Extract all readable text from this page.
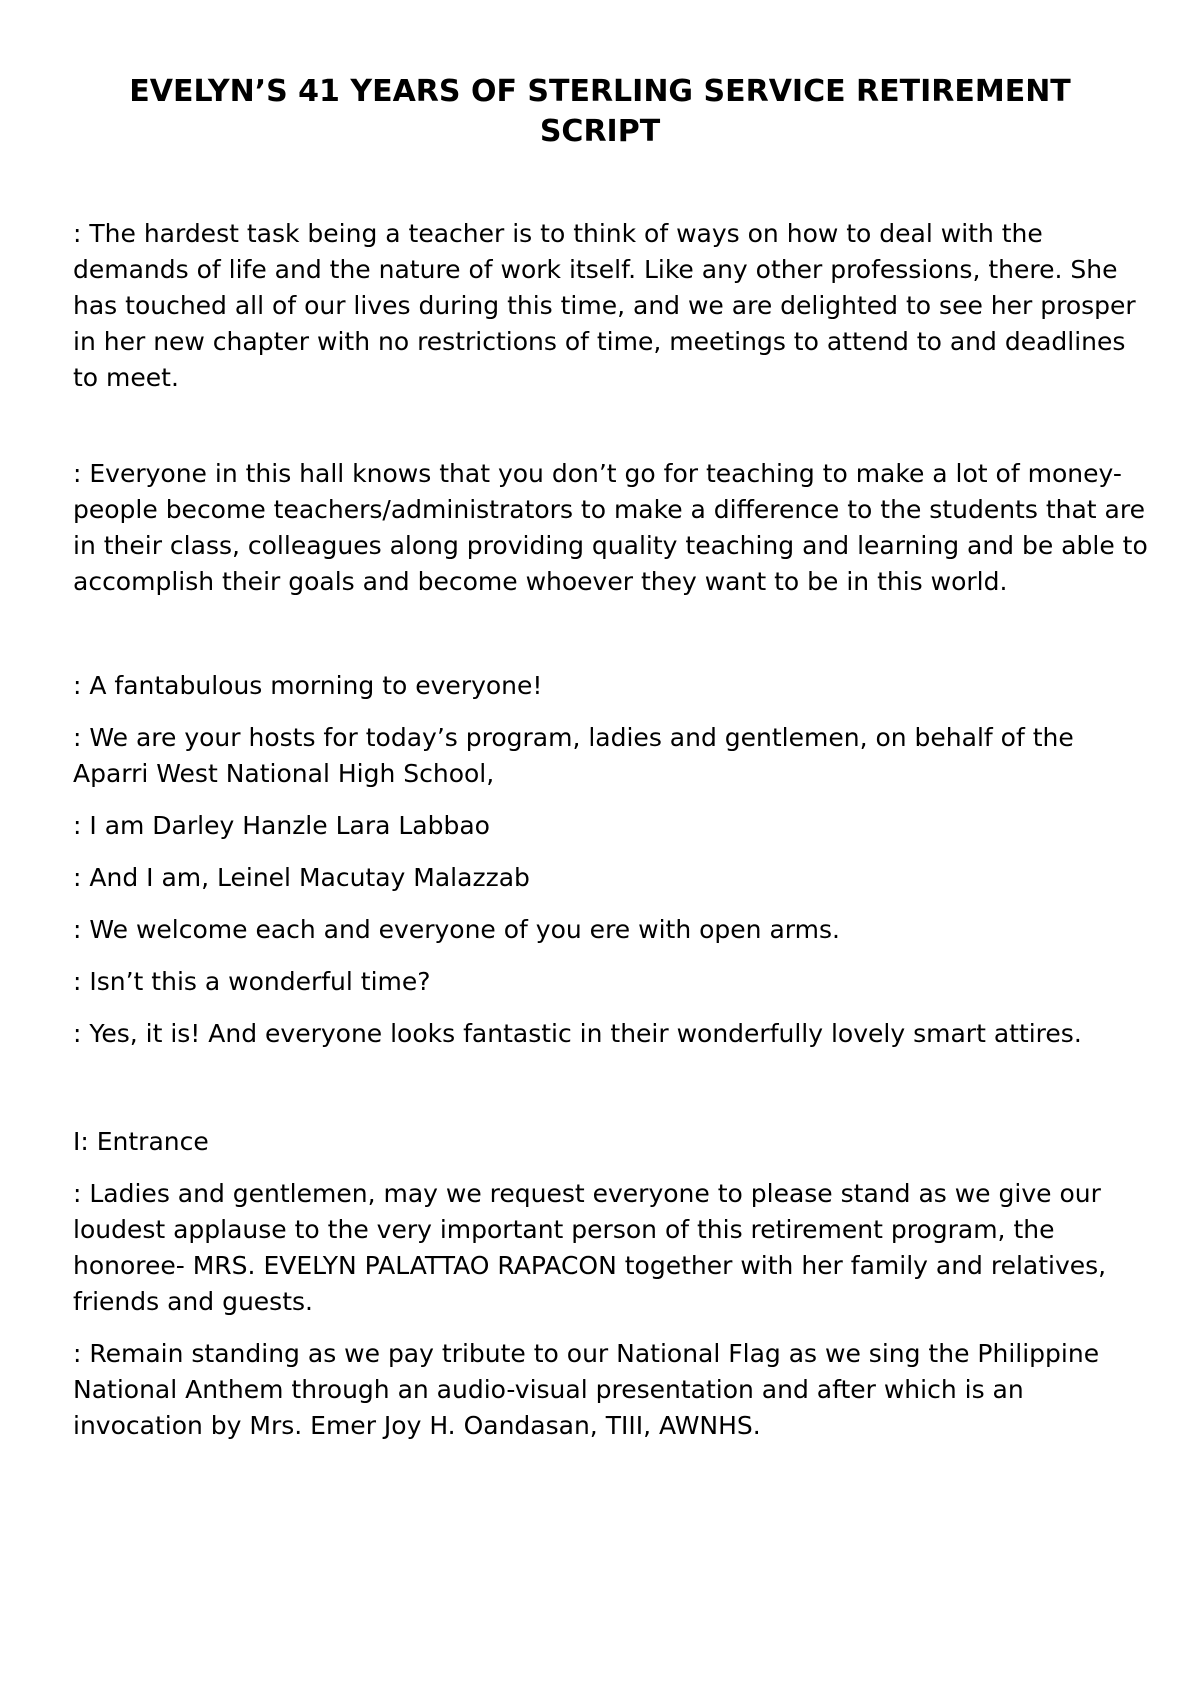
EVELYN’S 41 YEARS OF STERLING SERVICE RETIREMENT
SCRIPT

: The hardest task being a teacher is to think of ways on how to deal with the demands of life and the nature of work itself. Like any other professions, there. She has touched all of our lives during this time, and we are delighted to see her prosper in her new chapter with no restrictions of time, meetings to attend to and deadlines to meet.

: Everyone in this hall knows that you don’t go for teaching to make a lot of money- people become teachers/administrators to make a difference to the students that are in their class, colleagues along providing quality teaching and learning and be able to accomplish their goals and become whoever they want to be in this world.

: A fantabulous morning to everyone!

: We are your hosts for today’s program, ladies and gentlemen, on behalf of the Aparri West National High School,

: I am Darley Hanzle Lara Labbao

: And I am, Leinel Macutay Malazzab

: We welcome each and everyone of you ere with open arms.

: Isn’t this a wonderful time?

: Yes, it is! And everyone looks fantastic in their wonderfully lovely smart attires.

I: Entrance

: Ladies and gentlemen, may we request everyone to please stand as we give our loudest applause to the very important person of this retirement program, the honoree- MRS. EVELYN PALATTAO RAPACON together with her family and relatives, friends and guests.

: Remain standing as we pay tribute to our National Flag as we sing the Philippine National Anthem through an audio-visual presentation and after which is an invocation by Mrs. Emer Joy H. Oandasan, TIII, AWNHS.
